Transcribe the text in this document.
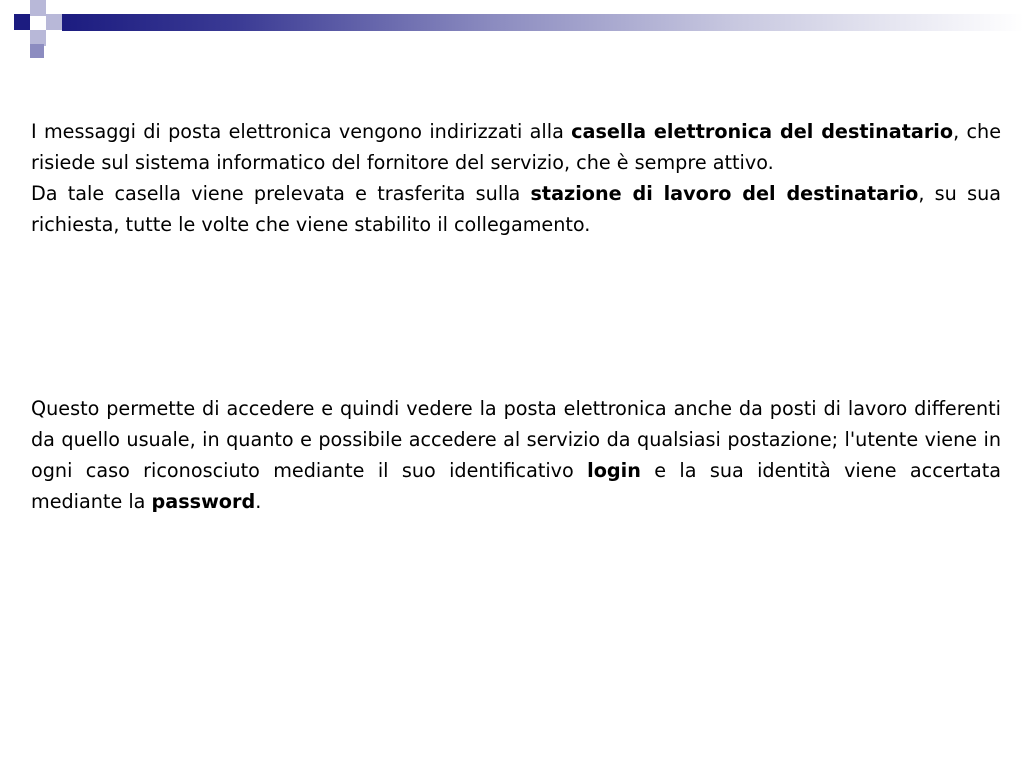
I messaggi di posta elettronica vengono indirizzati alla casella elettronica del destinatario, che risiede sul sistema informatico del fornitore del servizio, che è sempre attivo.

Da tale casella viene prelevata e trasferita sulla stazione di lavoro del destinatario, su sua richiesta, tutte le volte che viene stabilito il collegamento.

Questo permette di accedere e quindi vedere la posta elettronica anche da posti di lavoro differenti da quello usuale, in quanto e possibile accedere al servizio da qualsiasi postazione; l'utente viene in ogni caso riconosciuto mediante il suo identificativo login e la sua identità viene accertata mediante la password.
